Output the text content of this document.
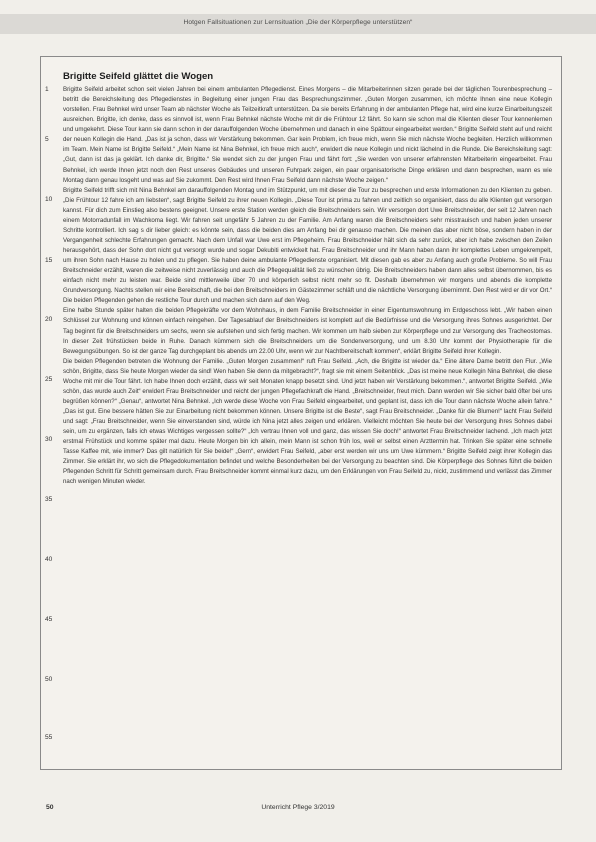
Hotgen Fallsituationen zur Lernsituation „Die der Körperpflege unterstützen“
Brigitte Seifeld glättet die Wogen

Brigitte Seifeld arbeitet schon seit vielen Jahren bei einem ambulanten Pflegedienst. Eines Morgens – die Mitarbeiterinnen sitzen gerade bei der täglichen Tourenbesprechung – betritt die Bereichsleitung des Pflegedienstes in Begleitung einer jungen Frau das Besprechungszimmer. „Guten Morgen zusammen, ich möchte Ihnen eine neue Kollegin vorstellen. Frau Behnkel wird unser Team ab nächster Woche als Teilzeitkraft unterstützen. Da sie bereits Erfahrung in der ambulanten Pflege hat, wird eine kurze Einarbeitungszeit ausreichen. Brigitte, ich denke, dass es sinnvoll ist, wenn Frau Behnkel nächste Woche mit dir die Frühtour 12 fährt. So kann sie schon mal die Klienten dieser Tour kennenlernen und umgekehrt. Diese Tour kann sie dann schon in der darauffolgenden Woche übernehmen und danach in eine Spättour eingearbeitet werden.“ Brigitte Seifeld steht auf und reicht der neuen Kollegin die Hand. „Das ist ja schon, dass wir Verstärkung bekommen. Gar kein Problem, ich freue mich, wenn Sie mich nächste Woche begleiten. Herzlich willkommen im Team. Mein Name ist Brigitte Seifeld.“ „Mein Name ist Nina Behnkel, ich freue mich auch“, erwidert die neue Kollegin und nickt lächelnd in die Runde. Die Bereichsleitung sagt: „Gut, dann ist das ja geklärt. Ich danke dir, Brigitte.“ Sie wendet sich zu der jungen Frau und fährt fort: „Sie werden von unserer erfahrensten Mitarbeiterin eingearbeitet. Frau Behnkel, ich werde Ihnen jetzt noch den Rest unseres Gebäudes und unseren Fuhrpark zeigen, ein paar organisatorische Dinge erklären und dann besprechen, wann es wie Montag dann genau losgeht und was auf Sie zukommt. Den Rest wird Ihnen Frau Seifeld dann nächste Woche zeigen.“

Brigitte Seifeld trifft sich mit Nina Behnkel am darauffolgenden Montag und im Stützpunkt, um mit dieser die Tour zu besprechen und erste Informationen zu den Klienten zu geben. „Die Frühtour 12 fahre ich am liebsten“, sagt Brigitte Seifeld zu ihrer neuen Kollegin. „Diese Tour ist prima zu fahren und zeitlich so organisiert, dass du alle Klienten gut versorgen kannst. Für dich zum Einstieg also bestens geeignet. Unsere erste Station werden gleich die Breitschneiders sein. Wir versorgen dort Uwe Breitschneider, der seit 12 Jahren nach einem Motorradunfall im Wachkoma liegt. Wir fahren seit ungefähr 5 Jahren zu der Familie. Am Anfang waren die Breitschneiders sehr misstrauisch und haben jeden unserer Schritte kontrolliert. Ich sag s dir lieber gleich: es könnte sein, dass die beiden dies am Anfang bei dir genauso machen. Die meinen das aber nicht böse, sondern haben in der Vergangenheit schlechte Erfahrungen gemacht. Nach dem Unfall war Uwe erst im Pflegeheim. Frau Breitschneider hält sich da sehr zurück, aber ich habe zwischen den Zeilen herausgehört, dass der Sohn dort nicht gut versorgt wurde und sogar Dekubiti entwickelt hat. Frau Breitschneider und ihr Mann haben dann ihr komplettes Leben umgekrempelt, um ihren Sohn nach Hause zu holen und zu pflegen. Sie haben deine ambulante Pflegedienste organisiert. Mit diesen gab es aber zu Anfang auch große Probleme. So will Frau Breitschneider erzählt, waren die zeitweise nicht zuverlässig und auch die Pflegequalität ließ zu wünschen übrig. Die Breitschneiders haben dann alles selbst übernommen, bis es einfach nicht mehr zu leisten war. Beide sind mittlerweile über 70 und körperlich selbst nicht mehr so fit. Deshalb übernehmen wir morgens und abends die komplette Grundversorgung. Nachts stellen wir eine Bereitschaft, die bei den Breitschneiders im Gästezimmer schläft und die nächtliche Versorgung übernimmt. Den Rest wird er dir vor Ort.“ Die beiden Pflegenden gehen die restliche Tour durch und machen sich dann auf den Weg.

Eine halbe Stunde später halten die beiden Pflegekräfte vor dem Wohnhaus, in dem Familie Breitschneider in einer Eigentumswohnung im Erdgeschoss lebt. „Wir haben einen Schlüssel zur Wohnung und können einfach reingehen. Der Tagesablauf der Breitschneiders ist komplett auf die Bedürfnisse und die Versorgung ihres Sohnes ausgerichtet. Der Tag beginnt für die Breitschneiders um sechs, wenn sie aufstehen und sich fertig machen. Wir kommen um halb sieben zur Körperpflege und zur Versorgung des Tracheostomas. In dieser Zeit frühstücken beide in Ruhe. Danach kümmern sich die Breitschneiders um die Sondenversorgung, und um 8.30 Uhr kommt der Physiotherapie für die Bewegungsübungen. So ist der ganze Tag durchgeplant bis abends um 22.00 Uhr, wenn wir zur Nachtbereitschaft kommen“, erklärt Brigitte Seifeld ihrer Kollegin.

Die beiden Pflegenden betreten die Wohnung der Familie. „Guten Morgen zusammen!“ ruft Frau Seifeld. „Ach, die Brigitte ist wieder da.“ Eine ältere Dame betritt den Flur. „Wie schön, Brigitte, dass Sie heute Morgen wieder da sind! Wen haben Sie denn da mitgebracht?“, fragt sie mit einem Seitenblick. „Das ist meine neue Kollegin Nina Behnkel, die diese Woche mit mir die Tour fährt. Ich habe Ihnen doch erzählt, dass wir seit Monaten knapp besetzt sind. Und jetzt haben wir Verstärkung bekommen.“, antwortet Brigitte Seifeld. „Wie schön, das wurde auch Zeit“ erwidert Frau Breitschneider und reicht der jungen Pflegefachkraft die Hand. „Breitschneider, freut mich. Dann werden wir Sie sicher bald öfter bei uns begrüßen können?“ „Genau“, antwortet Nina Behnkel. „Ich werde diese Woche von Frau Seifeld eingearbeitet, und geplant ist, dass ich die Tour dann nächste Woche allein fahre.“ „Das ist gut. Eine bessere hätten Sie zur Einarbeitung nicht bekommen können. Unsere Brigitte ist die Beste“, sagt Frau Breitschneider. „Danke für die Blumen!“ lacht Frau Seifeld und sagt: „Frau Breitschneider, wenn Sie einverstanden sind, würde ich Nina jetzt alles zeigen und erklären. Vielleicht möchten Sie heute bei der Versorgung ihres Sohnes dabei sein, um zu ergänzen, falls ich etwas Wichtiges vergessen sollte?“ „Ich vertrau Ihnen voll und ganz, das wissen Sie doch!“ antwortet Frau Breitschneider lachend. „Ich mach jetzt erstmal Frühstück und komme später mal dazu. Heute Morgen bin ich allein, mein Mann ist schon früh los, weil er selbst einen Arzttermin hat. Trinken Sie später eine schnelle Tasse Kaffee mit, wie immer? Das gilt natürlich für Sie beide!“ „Gern“, erwidert Frau Seifeld, „aber erst werden wir uns um Uwe kümmern.“ Brigitte Seifeld zeigt ihrer Kollegin das Zimmer. Sie erklärt ihr, wo sich die Pflegedokumentation befindet und welche Besonderheiten bei der Versorgung zu beachten sind. Die Körperpflege des Sohnes führt die beiden Pflegenden Schritt für Schritt gemeinsam durch. Frau Breitschneider kommt einmal kurz dazu, um den Erklärungen von Frau Seifeld zu, nickt, zustimmend und verlässt das Zimmer nach wenigen Minuten wieder.

1
5
10
15
20
25
30
35
40
45
50
55
50	Unterricht Pflege 3/2019
